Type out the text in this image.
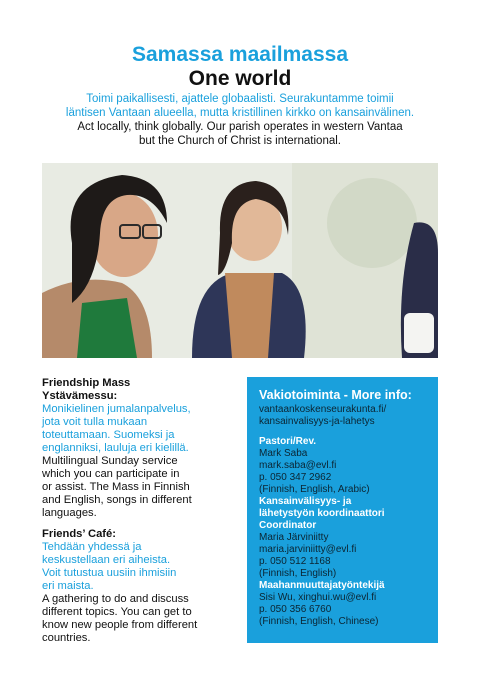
Samassa maailmassa
One world
Toimi paikallisesti, ajattele globaalisti. Seurakuntamme toimii
läntisen Vantaan alueella, mutta kristillinen kirkko on kansainvälinen.
Act locally, think globally. Our parish operates in western Vantaa
but the Church of Christ is international.
Friendship Mass
Ystävämessu:
Monikielinen jumalanpalvelus,
jota voit tulla mukaan
toteuttamaan. Suomeksi ja
englanniksi, lauluja eri kielillä.
Multilingual Sunday service
which you can participate in
or assist. The Mass in Finnish
and English, songs in different
languages.
Friends’ Café:
Tehdään yhdessä ja
keskustellaan eri aiheista.
Voit tutustua uusiin ihmisiin
eri maista.
A gathering to do and discuss
different topics. You can get to
know new people from different
countries.
Vakiotoiminta - More info:
vantaankoskenseurakunta.fi/
kansainvalisyys-ja-lahetys
Pastori/Rev.
Mark Saba
mark.saba@evl.fi
p. 050 347 2962
(Finnish, English, Arabic)
Kansainvälisyys- ja
lähetystyön koordinaattori
Coordinator
Maria Järviniitty
maria.jarviniitty@evl.fi
p. 050 512 1168
(Finnish, English)
Maahanmuuttajatyöntekijä
Sisi Wu, xinghui.wu@evl.fi
p. 050 356 6760
(Finnish, English, Chinese)
